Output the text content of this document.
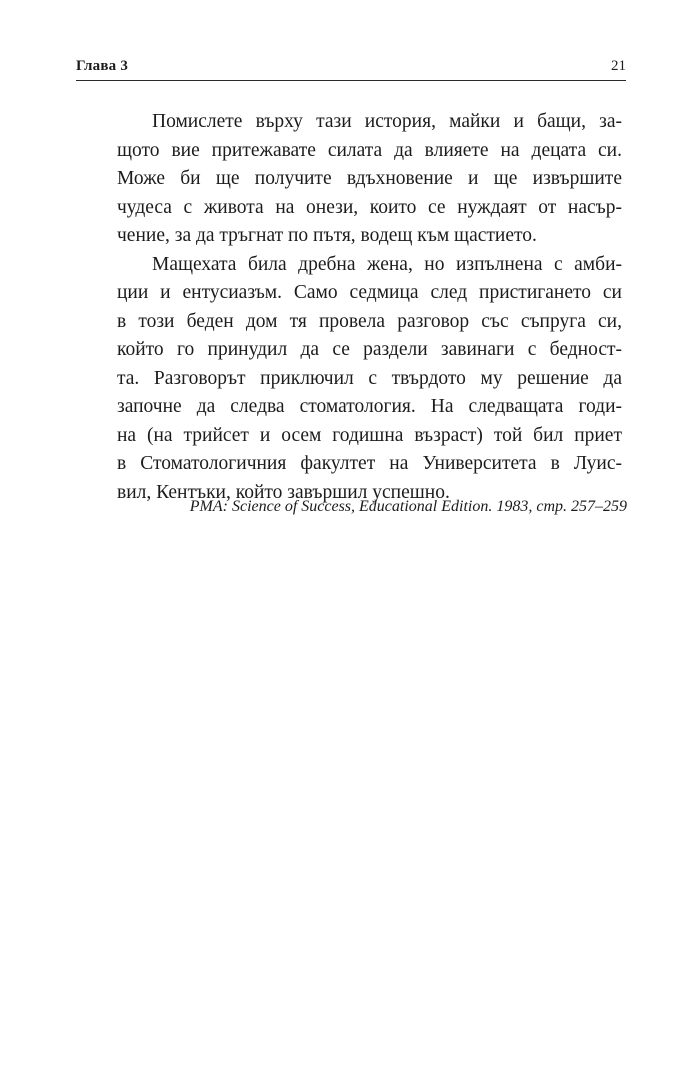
Глава 3	21
Помислете върху тази история, майки и бащи, за-
щото вие притежавате силата да влияете на децата си.
Може би ще получите вдъхновение и ще извършите
чудеса с живота на онези, които се нуждаят от насър-
чение, за да тръгнат по пътя, водещ към щастието.
Мащехата била дребна жена, но изпълнена с амби-
ции и ентусиазъм. Само седмица след пристигането си
в този беден дом тя провела разговор със съпруга си,
който го принудил да се раздели завинаги с бедност-
та. Разговорът приключил с твърдото му решение да
започне да следва стоматология. На следващата годи-
на (на трийсет и осем годишна възраст) той бил приет
в Стоматологичния факултет на Университета в Луис-
вил, Кентъки, който завършил успешно.
PMA: Science of Success, Educational Edition. 1983, стр. 257–259
